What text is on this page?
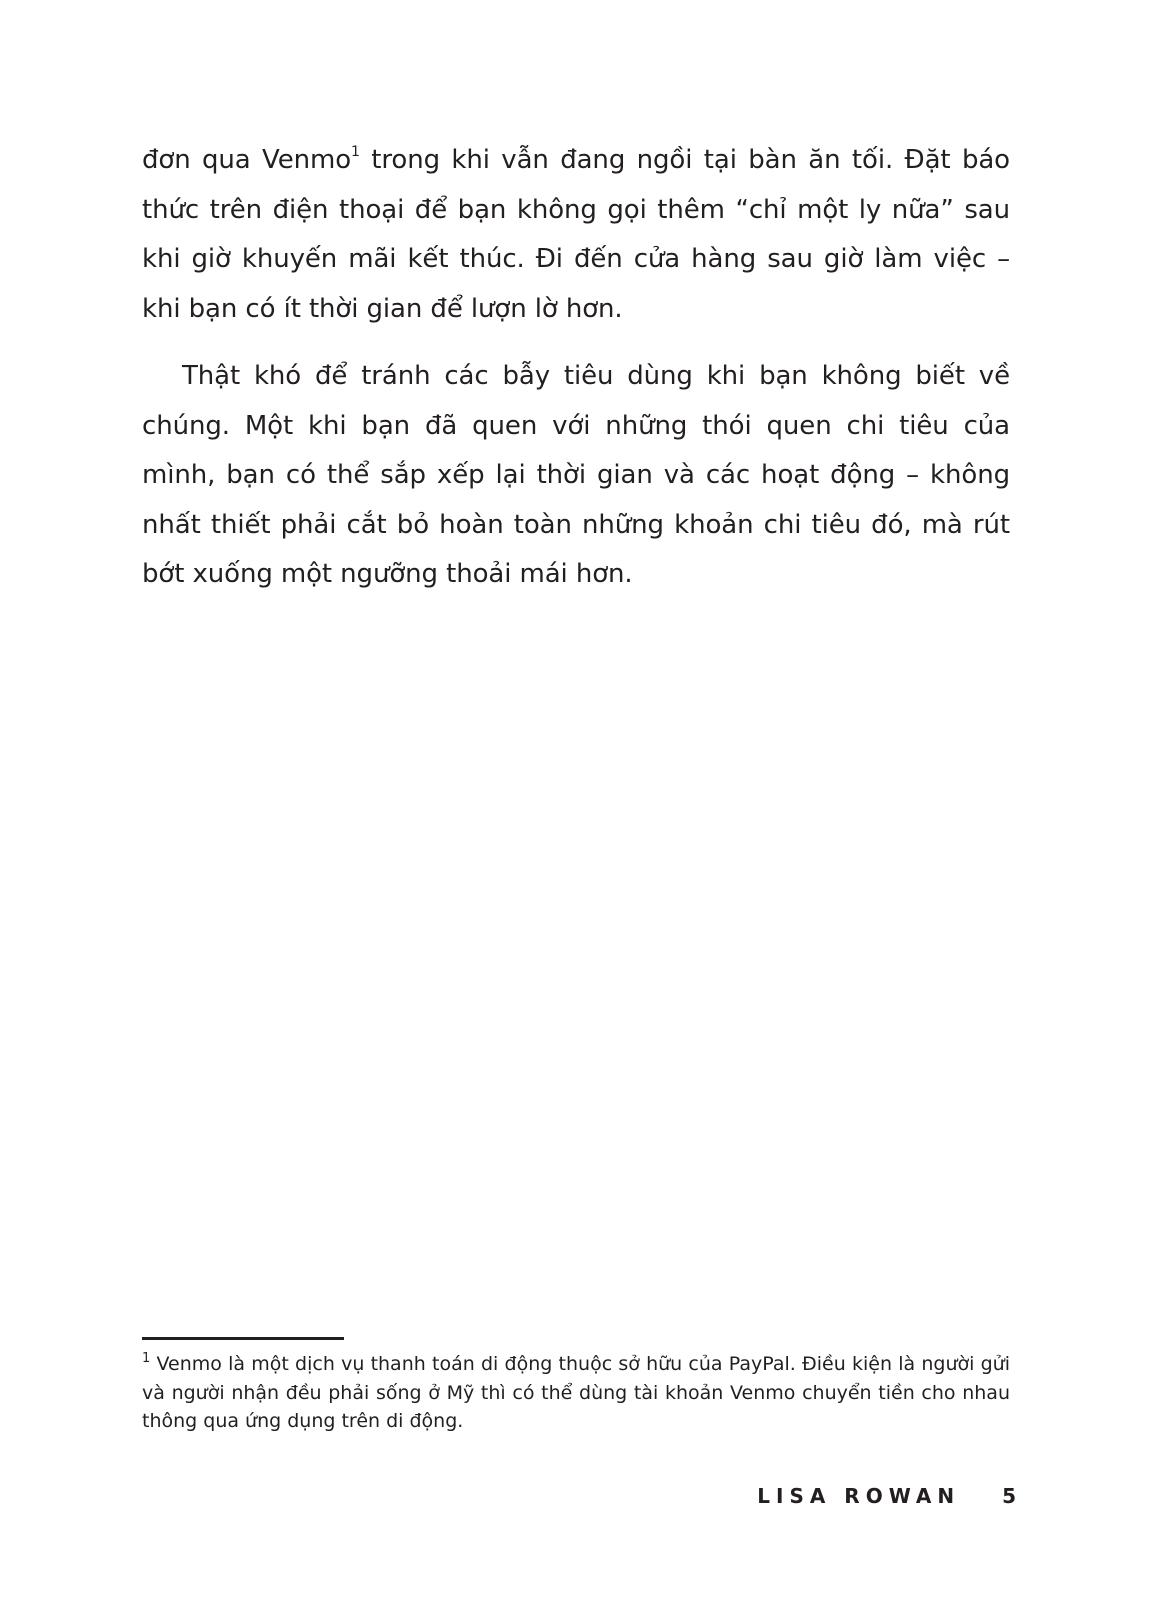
đơn qua Venmo$^1$ trong khi vẫn đang ngồi tại bàn ăn tối. Đặt báo thức trên điện thoại để bạn không gọi thêm “chỉ một ly nữa” sau khi giờ khuyến mãi kết thúc. Đi đến cửa hàng sau giờ làm việc – khi bạn có ít thời gian để lượn lờ hơn.

Thật khó để tránh các bẫy tiêu dùng khi bạn không biết về chúng. Một khi bạn đã quen với những thói quen chi tiêu của mình, bạn có thể sắp xếp lại thời gian và các hoạt động – không nhất thiết phải cắt bỏ hoàn toàn những khoản chi tiêu đó, mà rút bớt xuống một ngưỡng thoải mái hơn.

$^1$ Venmo là một dịch vụ thanh toán di động thuộc sở hữu của PayPal. Điều kiện là người gửi và người nhận đều phải sống ở Mỹ thì có thể dùng tài khoản Venmo chuyển tiền cho nhau thông qua ứng dụng trên di động.

LISA ROWAN 5
